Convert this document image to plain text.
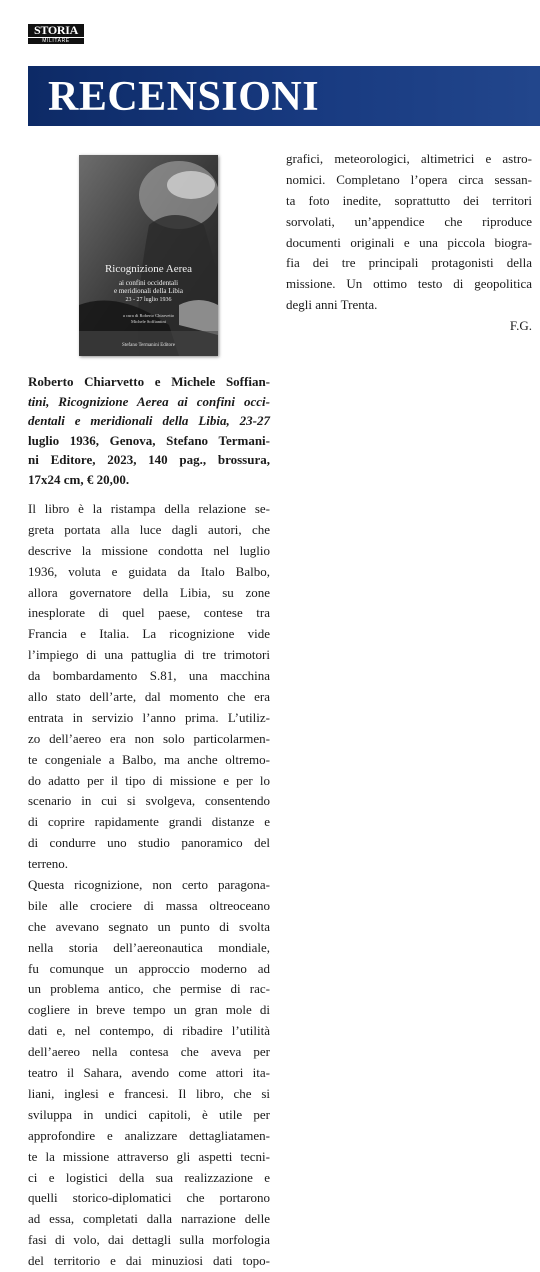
STORIA
MILITARE
RECENSIONI
Ricognizione Aerea
ai confini occidentali
e meridionali della Libia
23 - 27 luglio 1936
a cura di Roberto Chiarvetto
Michele Soffiantini
Stefano Termanini Editore
Roberto Chiarvetto e Michele Soffian-
tini, Ricognizione Aerea ai confini occi-
dentali e meridionali della Libia, 23-27
luglio 1936, Genova, Stefano Termani-
ni Editore, 2023, 140 pag., brossura,
17x24 cm, € 20,00.
Il libro è la ristampa della relazione se-
greta portata alla luce dagli autori, che
descrive la missione condotta nel luglio
1936, voluta e guidata da Italo Balbo,
allora governatore della Libia, su zone
inesplorate di quel paese, contese tra
Francia e Italia. La ricognizione vide
l’impiego di una pattuglia di tre trimotori
da bombardamento S.81, una macchina
allo stato dell’arte, dal momento che era
entrata in servizio l’anno prima. L’utiliz-
zo dell’aereo era non solo particolarmen-
te congeniale a Balbo, ma anche oltremo-
do adatto per il tipo di missione e per lo
scenario in cui si svolgeva, consentendo
di coprire rapidamente grandi distanze e
di condurre uno studio panoramico del
terreno.
Questa ricognizione, non certo paragona-
bile alle crociere di massa oltreoceano
che avevano segnato un punto di svolta
nella storia dell’aereonautica mondiale,
fu comunque un approccio moderno ad
un problema antico, che permise di rac-
cogliere in breve tempo un gran mole di
dati e, nel contempo, di ribadire l’utilità
dell’aereo nella contesa che aveva per
teatro il Sahara, avendo come attori ita-
liani, inglesi e francesi. Il libro, che si
sviluppa in undici capitoli, è utile per
approfondire e analizzare dettagliatamen-
te la missione attraverso gli aspetti tecni-
ci e logistici della sua realizzazione e
quelli storico-diplomatici che portarono
ad essa, completati dalla narrazione delle
fasi di volo, dai dettagli sulla morfologia
del territorio e dai minuziosi dati topo-
grafici, meteorologici, altimetrici e astro-
nomici. Completano l’opera circa sessan-
ta foto inedite, soprattutto dei territori
sorvolati, un’appendice che riproduce
documenti originali e una piccola biogra-
fia dei tre principali protagonisti della
missione. Un ottimo testo di geopolitica
degli anni Trenta.
F.G.
